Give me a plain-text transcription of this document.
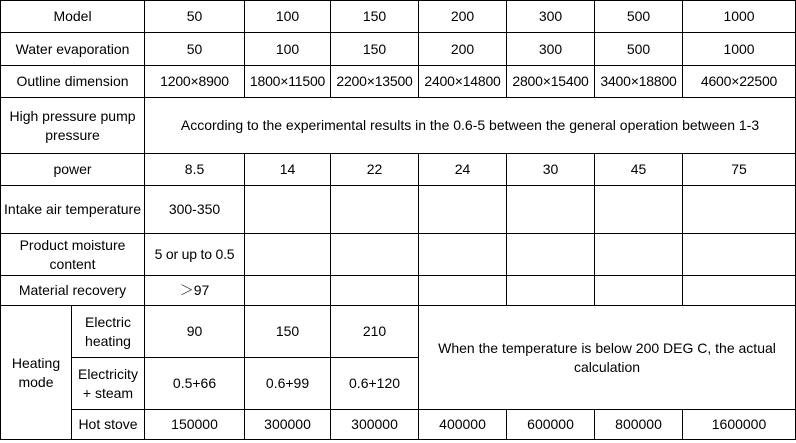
Model		50	100	150	200	300	500	1000
Water evaporation		50	100	150	200	300	500	1000
Outline dimension		1200×8900	1800×11500	2200×13500	2400×14800	2800×15400	3400×18800	4600×22500
High pressure pump pressure		According to the experimental results in the 0.6-5 between the general operation between 1-3						
power		8.5	14	22	24	30	45	75
Intake air temperature		300-350						
Product moisture content		5 or up to 0.5						
Material recovery		＞97						
Heating mode	Electric heating	90	150	210	When the temperature is below 200 DEG C, the actual calculation			
	Electricity + steam	0.5+66	0.6+99	0.6+120				
	Hot stove	150000	300000	300000	400000	600000	800000	1600000
